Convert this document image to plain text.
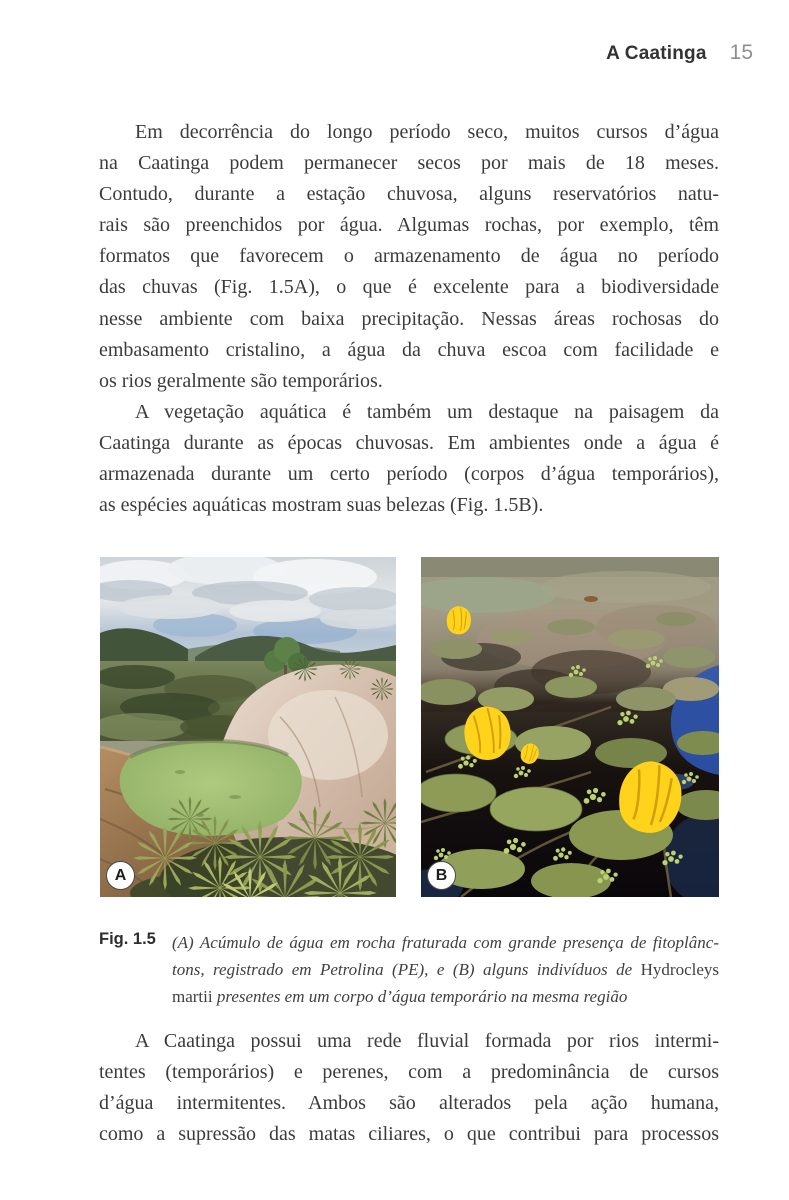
A Caatinga 15
Em decorrência do longo período seco, muitos cursos d’água
na Caatinga podem permanecer secos por mais de 18 meses.
Contudo, durante a estação chuvosa, alguns reservatórios natu-
rais são preenchidos por água. Algumas rochas, por exemplo, têm
formatos que favorecem o armazenamento de água no período
das chuvas (Fig. 1.5A), o que é excelente para a biodiversidade
nesse ambiente com baixa precipitação. Nessas áreas rochosas do
embasamento cristalino, a água da chuva escoa com facilidade e
os rios geralmente são temporários.
A vegetação aquática é também um destaque na paisagem da
Caatinga durante as épocas chuvosas. Em ambientes onde a água é
armazenada durante um certo período (corpos d’água temporários),
as espécies aquáticas mostram suas belezas (Fig. 1.5B).
A	B
Fig. 1.5 (A) Acúmulo de água em rocha fraturada com grande presença de fitoplânc-
tons, registrado em Petrolina (PE), e (B) alguns indivíduos de Hydrocleys
martii presentes em um corpo d’água temporário na mesma região
A Caatinga possui uma rede fluvial formada por rios intermi-
tentes (temporários) e perenes, com a predominância de cursos
d’água intermitentes. Ambos são alterados pela ação humana,
como a supressão das matas ciliares, o que contribui para processos
